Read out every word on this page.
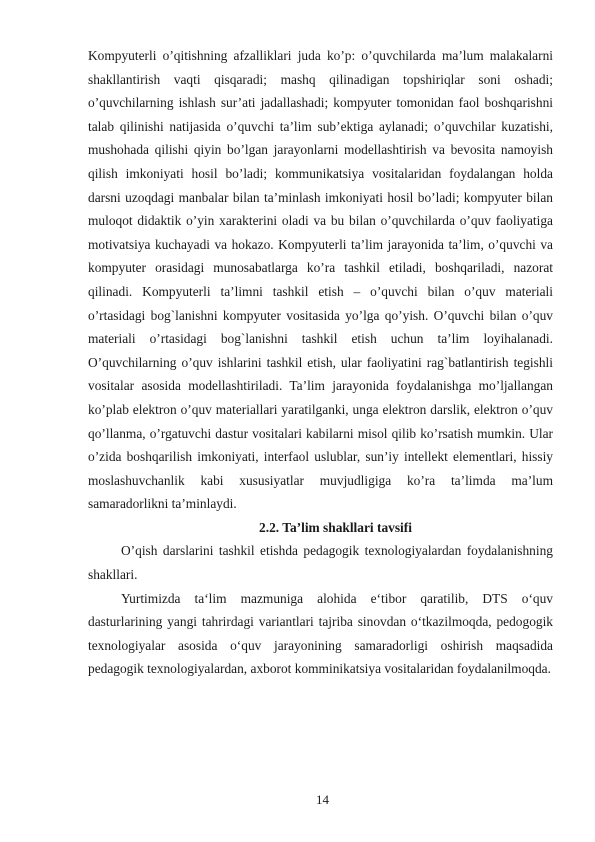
Kompyuterli o’qitishning afzalliklari juda ko’p: o’quvchilarda ma’lum malakalarni shakllantirish vaqti qisqaradi; mashq qilinadigan topshiriqlar soni oshadi; o’quvchilarning ishlash sur’ati jadallashadi; kompyuter tomonidan faol boshqarishni talab qilinishi natijasida o’quvchi ta’lim sub’ektiga aylanadi; o’quvchilar kuzatishi, mushohada qilishi qiyin bo’lgan jarayonlarni modellashtirish va bevosita namoyish qilish imkoniyati hosil bo’ladi; kommunikatsiya vositalaridan foydalangan holda darsni uzoqdagi manbalar bilan ta’minlash imkoniyati hosil bo’ladi; kompyuter bilan muloqot didaktik o’yin xarakterini oladi va bu bilan o’quvchilarda o’quv faoliyatiga motivatsiya kuchayadi va hokazo. Kompyuterli ta’lim jarayonida ta’lim, o’quvchi va kompyuter orasidagi munosabatlarga ko’ra tashkil etiladi, boshqariladi, nazorat qilinadi. Kompyuterli ta’limni tashkil etish – o’quvchi bilan o’quv materiali o’rtasidagi bog`lanishni kompyuter vositasida yo’lga qo’yish. O’quvchi bilan o’quv materiali o’rtasidagi bog`lanishni tashkil etish uchun ta’lim loyihalanadi. O’quvchilarning o’quv ishlarini tashkil etish, ular faoliyatini rag`batlantirish tegishli vositalar asosida modellashtiriladi. Ta’lim jarayonida foydalanishga mo’ljallangan ko’plab elektron o’quv materiallari yaratilganki, unga elektron darslik, elektron o’quv qo’llanma, o’rgatuvchi dastur vositalari kabilarni misol qilib ko’rsatish mumkin. Ular o’zida boshqarilish imkoniyati, interfaol uslublar, sun’iy intellekt elementlari, hissiy moslashuvchanlik kabi xususiyatlar muvjudligiga ko’ra ta’limda ma’lum samaradorlikni ta’minlaydi.

2.2. Ta’lim shakllari tavsifi

O’qish darslarini tashkil etishda pedagogik texnologiyalardan foydalanishning shakllari.

Yurtimizda ta‘lim mazmuniga alohida e‘tibor qaratilib, DTS o‘quv dasturlarining yangi tahrirdagi variantlari tajriba sinovdan o‘tkazilmoqda, pedogogik texnologiyalar asosida o‘quv jarayonining samaradorligi oshirish maqsadida pedagogik texnologiyalardan, axborot komminikatsiya vositalaridan foydalanilmoqda.

14
